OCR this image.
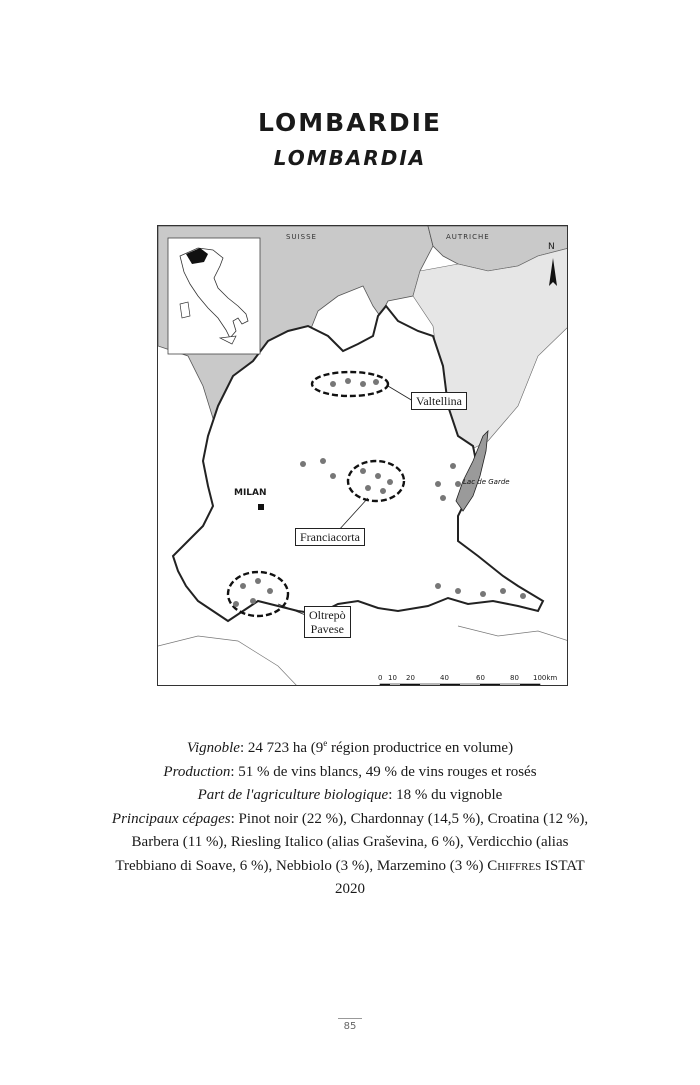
LOMBARDIE
LOMBARDIA
SUISSE	AUTRICHE
MILAN
Lac de Garde
N
Valtellina
Franciacorta
Oltrepò
Pavese
0 10 20	40	60	80 100km

Vignoble: 24 723 ha (9e région productrice en volume)

Production: 51 % de vins blancs, 49 % de vins rouges et rosés

Part de l'agriculture biologique: 18 % du vignoble

Principaux cépages: Pinot noir (22 %), Chardonnay (14,5 %), Croatina (12 %), Barbera (11 %), Riesling Italico (alias Graševina, 6 %), Verdicchio (alias Trebbiano di Soave, 6 %), Nebbiolo (3 %), Marzemino (3 %) Chiffres ISTAT 2020

85
